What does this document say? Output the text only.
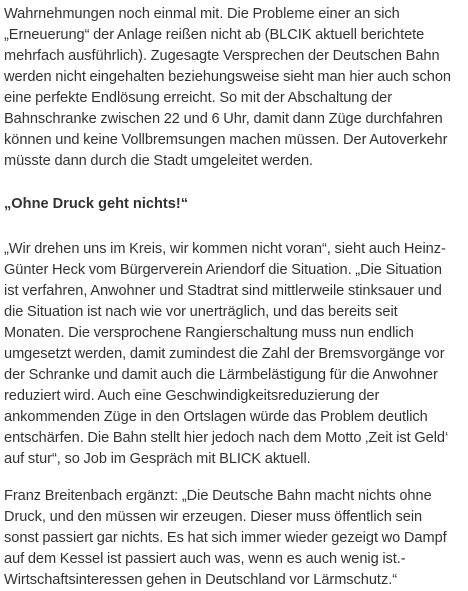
Wahrnehmungen noch einmal mit. Die Probleme einer an sich „Erneuerung“ der Anlage reißen nicht ab (BLCIK aktuell berichtete mehrfach ausführlich). Zugesagte Versprechen der Deutschen Bahn werden nicht eingehalten beziehungsweise sieht man hier auch schon eine perfekte Endlösung erreicht. So mit der Abschaltung der Bahnschranke zwischen 22 und 6 Uhr, damit dann Züge durchfahren können und keine Vollbremsungen machen müssen. Der Autoverkehr müsste dann durch die Stadt umgeleitet werden.

„Ohne Druck geht nichts!“

„Wir drehen uns im Kreis, wir kommen nicht voran“, sieht auch Heinz-Günter Heck vom Bürgerverein Ariendorf die Situation. „Die Situation ist verfahren, Anwohner und Stadtrat sind mittlerweile stinksauer und die Situation ist nach wie vor unerträglich, und das bereits seit Monaten. Die versprochene Rangierschaltung muss nun endlich umgesetzt werden, damit zumindest die Zahl der Bremsvorgänge vor der Schranke und damit auch die Lärmbelästigung für die Anwohner reduziert wird. Auch eine Geschwindigkeitsreduzierung der ankommenden Züge in den Ortslagen würde das Problem deutlich entschärfen. Die Bahn stellt hier jedoch nach dem Motto ‚Zeit ist Geld‘ auf stur“, so Job im Gespräch mit BLICK aktuell.

Franz Breitenbach ergänzt: „Die Deutsche Bahn macht nichts ohne Druck, und den müssen wir erzeugen. Dieser muss öffentlich sein sonst passiert gar nichts. Es hat sich immer wieder gezeigt wo Dampf auf dem Kessel ist passiert auch was, wenn es auch wenig ist.- Wirtschaftsinteressen gehen in Deutschland vor Lärmschutz.“
